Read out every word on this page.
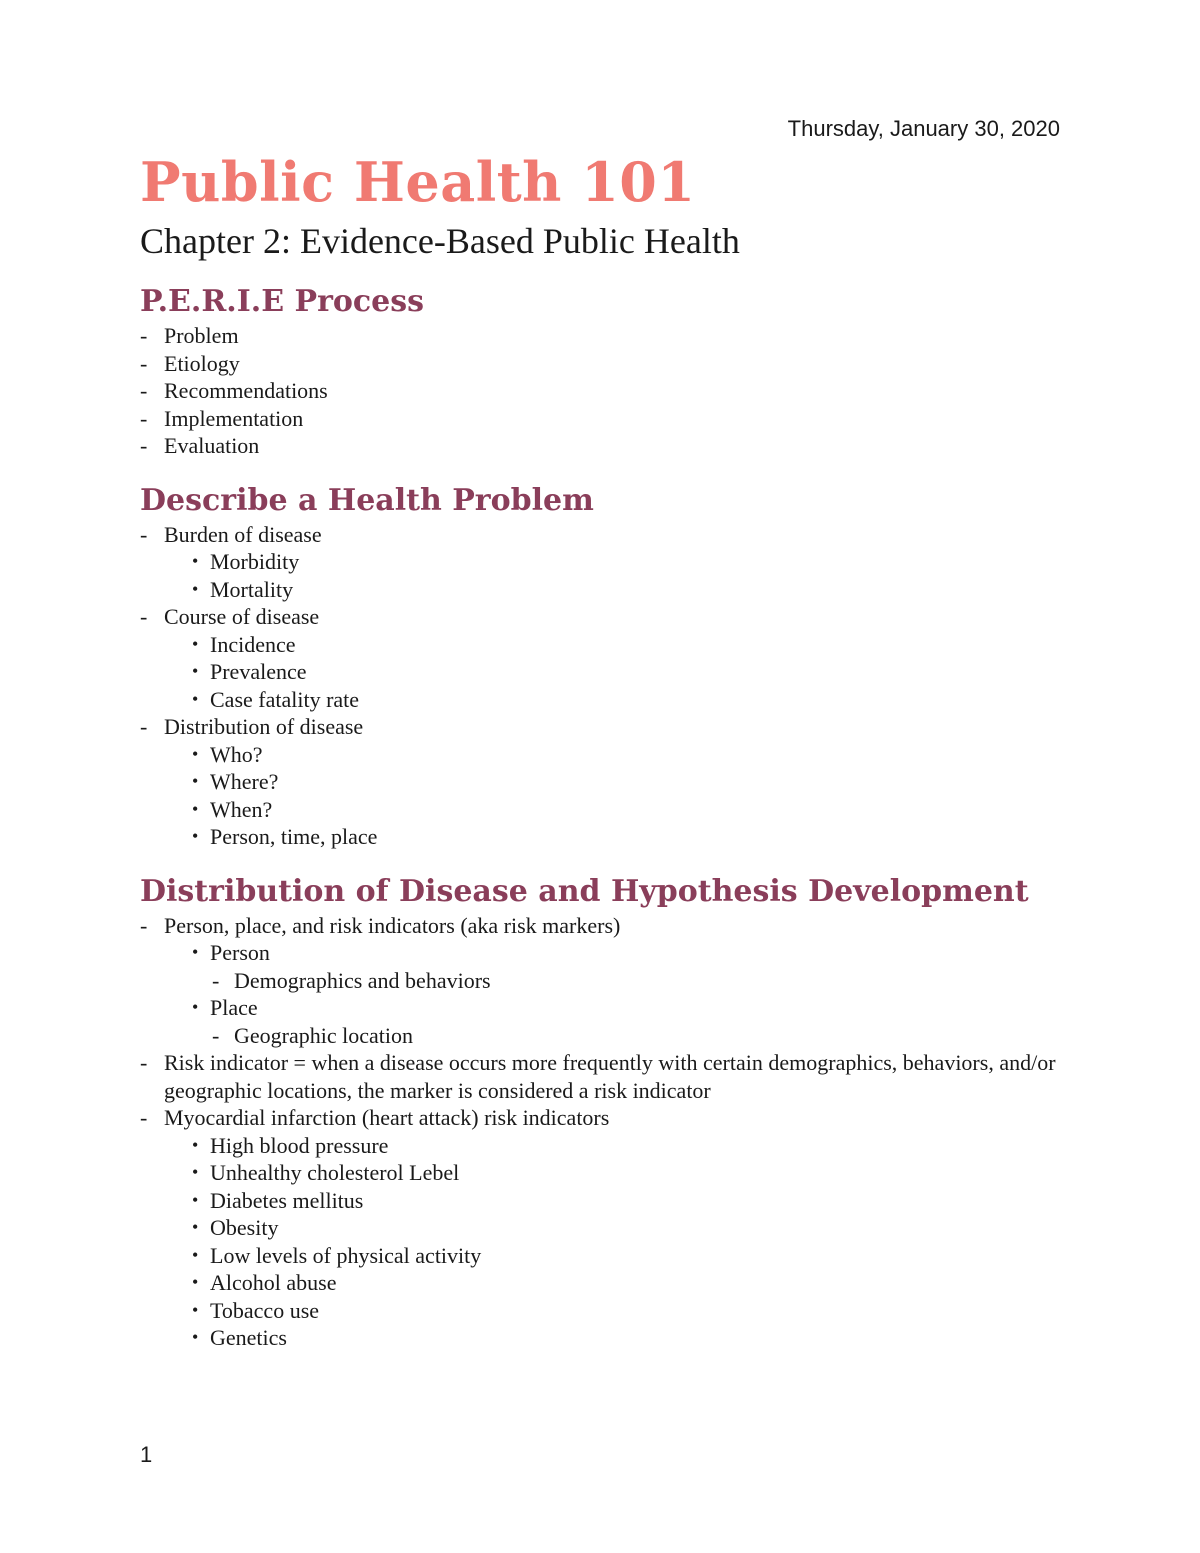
Thursday, January 30, 2020
Public Health 101
Chapter 2: Evidence-Based Public Health
P.E.R.I.E Process
- Problem
- Etiology
- Recommendations
- Implementation
- Evaluation
Describe a Health Problem
- Burden of disease
• Morbidity
• Mortality
- Course of disease
• Incidence
• Prevalence
• Case fatality rate
- Distribution of disease
• Who?
• Where?
• When?
• Person, time, place
Distribution of Disease and Hypothesis Development
- Person, place, and risk indicators (aka risk markers)
• Person
- Demographics and behaviors
• Place
- Geographic location
- Risk indicator = when a disease occurs more frequently with certain demographics, behaviors, and/or geographic locations, the marker is considered a risk indicator
- Myocardial infarction (heart attack) risk indicators
• High blood pressure
• Unhealthy cholesterol Lebel
• Diabetes mellitus
• Obesity
• Low levels of physical activity
• Alcohol abuse
• Tobacco use
• Genetics
1
